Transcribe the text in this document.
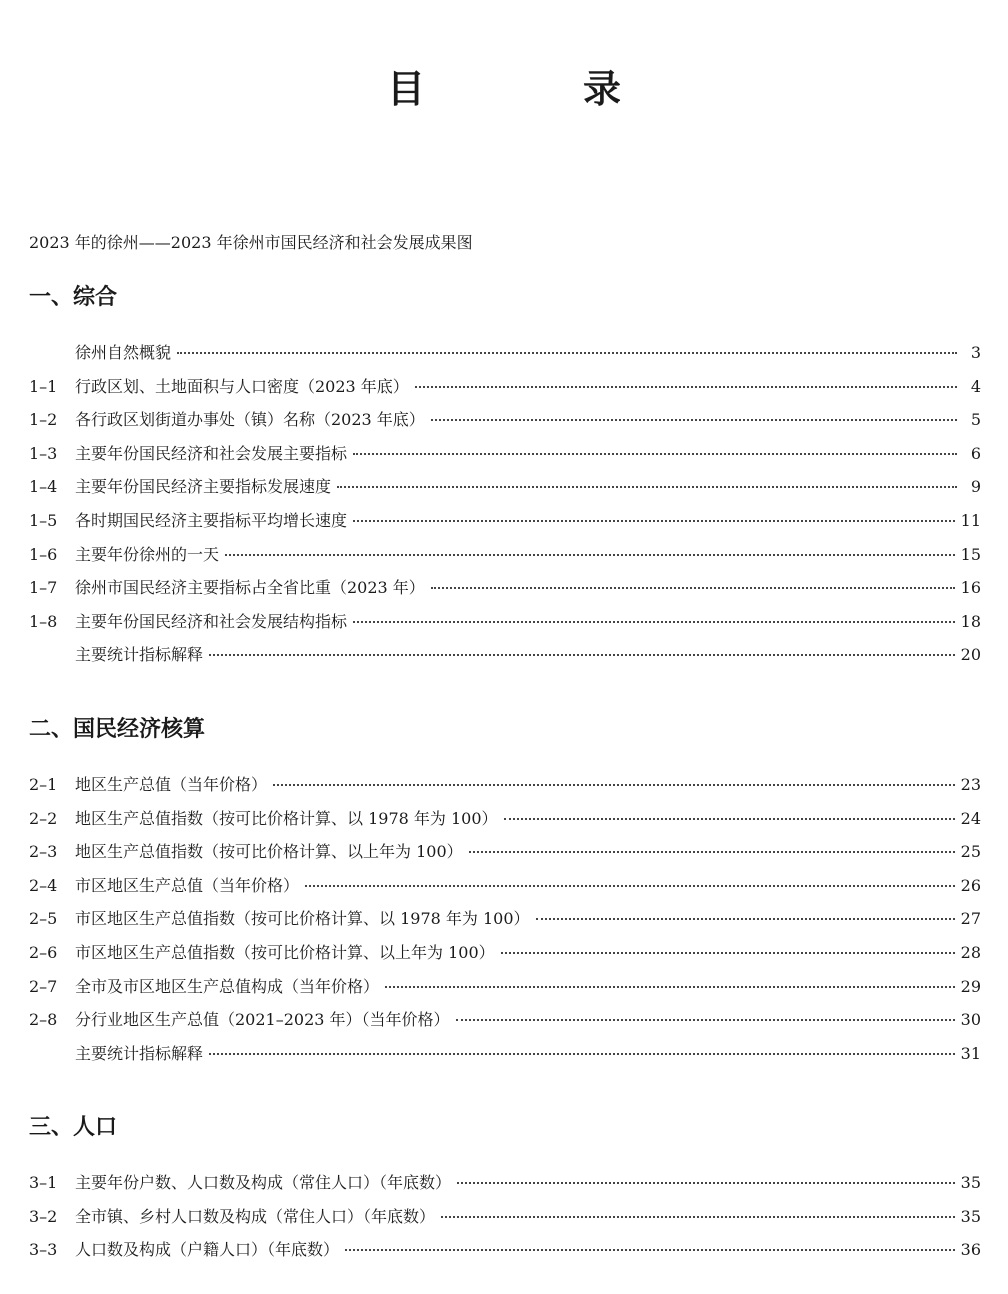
目　录
2023 年的徐州——2023 年徐州市国民经济和社会发展成果图
一、综合
徐州自然概貌	3
1–1	行政区划、土地面积与人口密度（2023 年底）	4
1–2	各行政区划街道办事处（镇）名称（2023 年底）	5
1–3	主要年份国民经济和社会发展主要指标	6
1–4	主要年份国民经济主要指标发展速度	9
1–5	各时期国民经济主要指标平均增长速度	11
1–6	主要年份徐州的一天	15
1–7	徐州市国民经济主要指标占全省比重（2023 年）	16
1–8	主要年份国民经济和社会发展结构指标	18
主要统计指标解释	20
二、国民经济核算
2–1	地区生产总值（当年价格）	23
2–2	地区生产总值指数（按可比价格计算、以 1978 年为 100）	24
2–3	地区生产总值指数（按可比价格计算、以上年为 100）	25
2–4	市区地区生产总值（当年价格）	26
2–5	市区地区生产总值指数（按可比价格计算、以 1978 年为 100）	27
2–6	市区地区生产总值指数（按可比价格计算、以上年为 100）	28
2–7	全市及市区地区生产总值构成（当年价格）	29
2–8	分行业地区生产总值（2021–2023 年）（当年价格）	30
主要统计指标解释	31
三、人口
3–1	主要年份户数、人口数及构成（常住人口）（年底数）	35
3–2	全市镇、乡村人口数及构成（常住人口）（年底数）	35
3–3	人口数及构成（户籍人口）（年底数）	36
